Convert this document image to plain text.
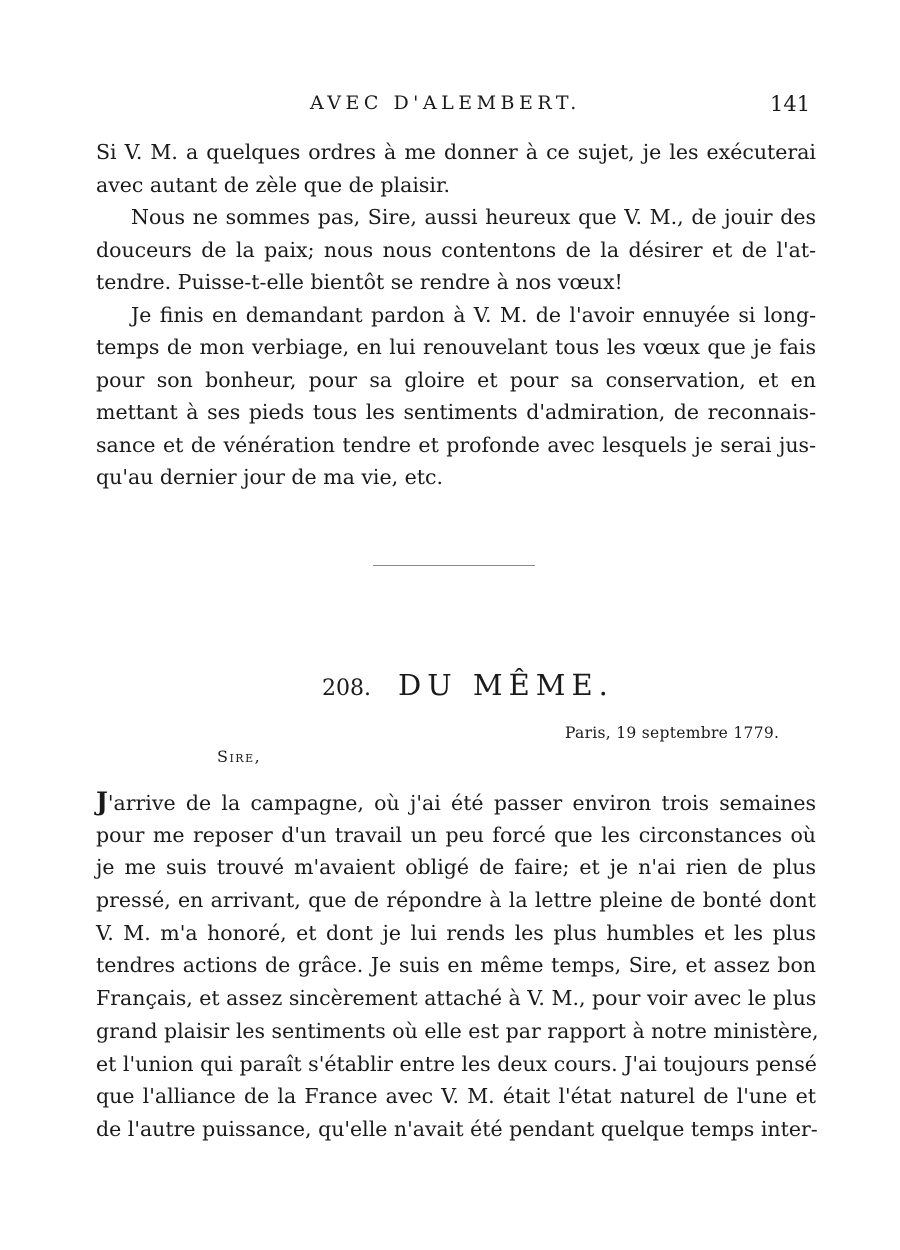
AVEC D'ALEMBERT.	141
Si V. M. a quelques ordres à me donner à ce sujet, je les exécuterai
avec autant de zèle que de plaisir.
Nous ne sommes pas, Sire, aussi heureux que V. M., de jouir des
douceurs de la paix; nous nous contentons de la désirer et de l'at-
tendre. Puisse-t-elle bientôt se rendre à nos vœux!
Je finis en demandant pardon à V. M. de l'avoir ennuyée si long-
temps de mon verbiage, en lui renouvelant tous les vœux que je fais
pour son bonheur, pour sa gloire et pour sa conservation, et en
mettant à ses pieds tous les sentiments d'admiration, de reconnais-
sance et de vénération tendre et profonde avec lesquels je serai jus-
qu'au dernier jour de ma vie, etc.
208. DU MÊME.
Paris, 19 septembre 1779.
Sire,
J'arrive de la campagne, où j'ai été passer environ trois semaines
pour me reposer d'un travail un peu forcé que les circonstances où
je me suis trouvé m'avaient obligé de faire; et je n'ai rien de plus
pressé, en arrivant, que de répondre à la lettre pleine de bonté dont
V. M. m'a honoré, et dont je lui rends les plus humbles et les plus
tendres actions de grâce. Je suis en même temps, Sire, et assez bon
Français, et assez sincèrement attaché à V. M., pour voir avec le plus
grand plaisir les sentiments où elle est par rapport à notre ministère,
et l'union qui paraît s'établir entre les deux cours. J'ai toujours pensé
que l'alliance de la France avec V. M. était l'état naturel de l'une et
de l'autre puissance, qu'elle n'avait été pendant quelque temps inter-
